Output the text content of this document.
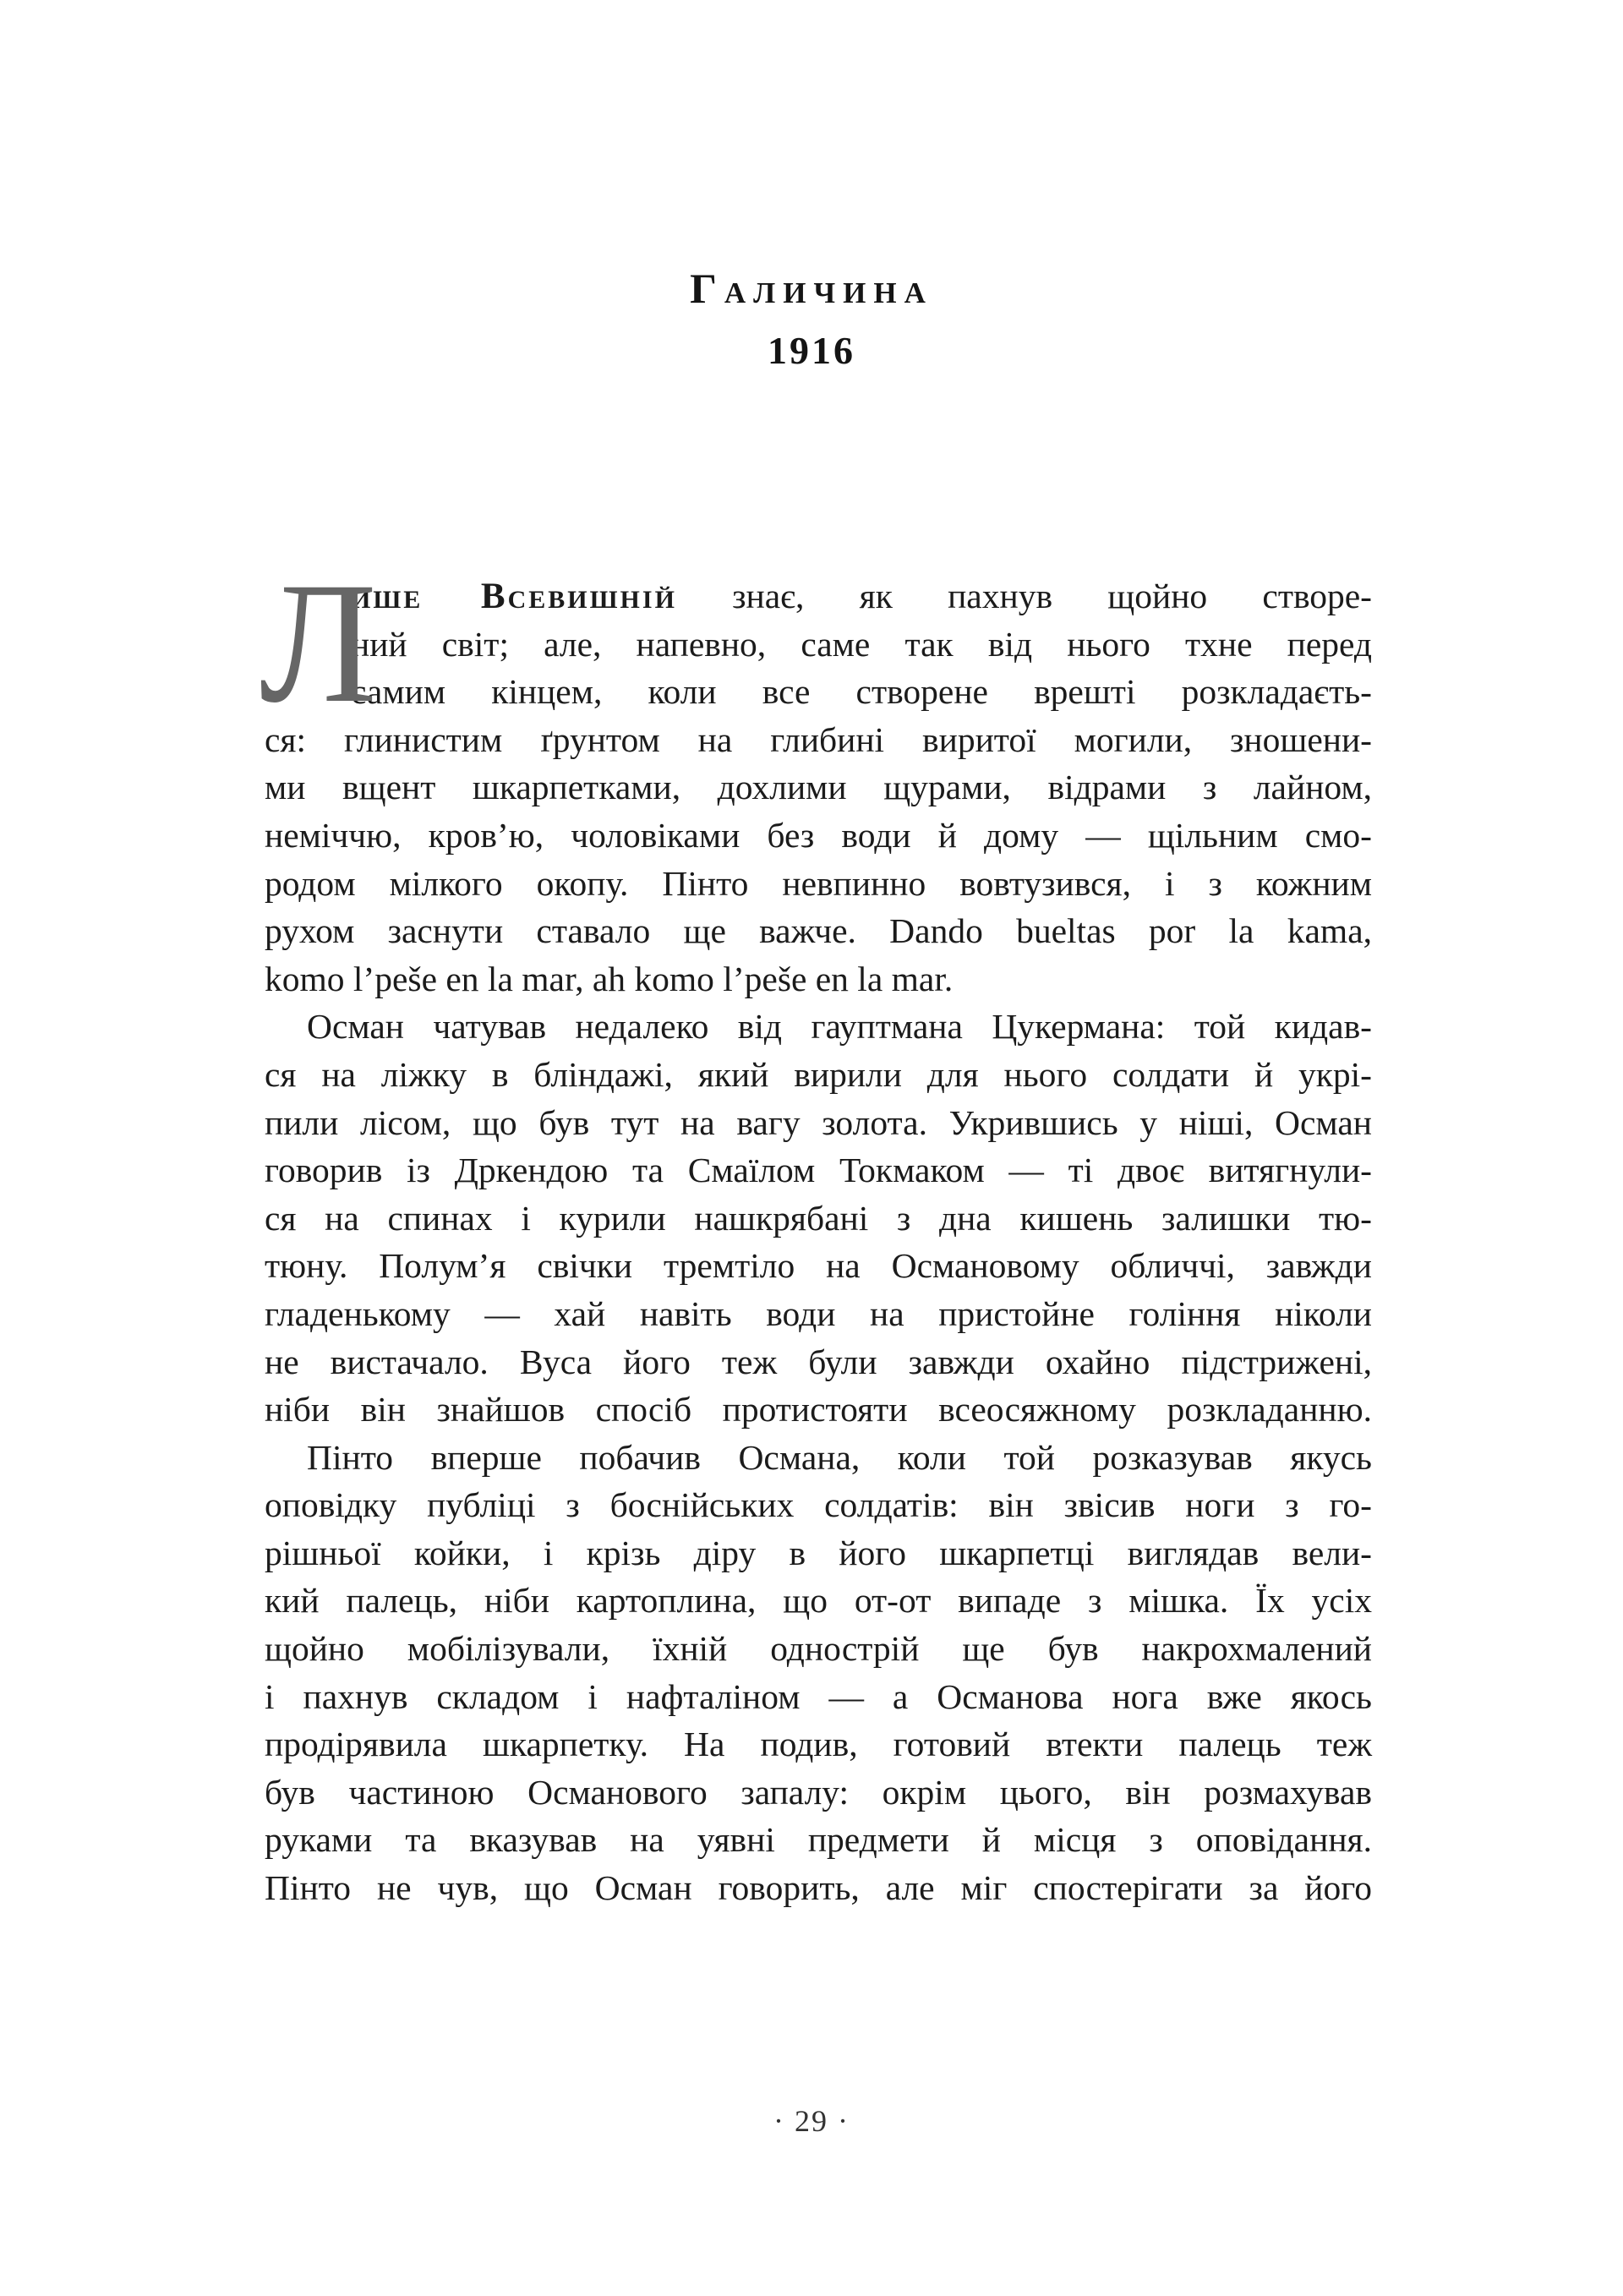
Галичина
1916
Л
ише Всевишній знає, як пахнув щойно створе-
ний світ; але, напевно, саме так від нього тхне перед
самим кінцем, коли все створене врешті розкладаєть-
ся: глинистим ґрунтом на глибині виритої могили, зношени-
ми вщент шкарпетками, дохлими щурами, відрами з лайном,
неміччю, кров’ю, чоловіками без води й дому — щільним смо-
родом мілкого окопу. Пінто невпинно вовтузився, і з кожним
рухом заснути ставало ще важче. Dando bueltas por la kama,
komo l’peše en la mar, ah komo l’peše en la mar.
Осман чатував недалеко від гауптмана Цукермана: той кидав-
ся на ліжку в бліндажі, який вирили для нього солдати й укрі-
пили лісом, що був тут на вагу золота. Укрившись у ніші, Осман
говорив із Дркендою та Смаїлом Токмаком — ті двоє витягнули-
ся на спинах і курили нашкрябані з дна кишень залишки тю-
тюну. Полум’я свічки тремтіло на Османовому обличчі, завжди
гладенькому — хай навіть води на пристойне гоління ніколи
не вистачало. Вуса його теж були завжди охайно підстрижені,
ніби він знайшов спосіб протистояти всеосяжному розкладанню.
Пінто вперше побачив Османа, коли той розказував якусь
оповідку публіці з боснійських солдатів: він звісив ноги з го-
рішньої койки, і крізь діру в його шкарпетці виглядав вели-
кий палець, ніби картоплина, що от-от випаде з мішка. Їх усіх
щойно мобілізували, їхній однострій ще був накрохмалений
і пахнув складом і нафталіном — а Османова нога вже якось
продірявила шкарпетку. На подив, готовий втекти палець теж
був частиною Османового запалу: окрім цього, він розмахував
руками та вказував на уявні предмети й місця з оповідання.
Пінто не чув, що Осман говорить, але міг спостерігати за його
· 29 ·
